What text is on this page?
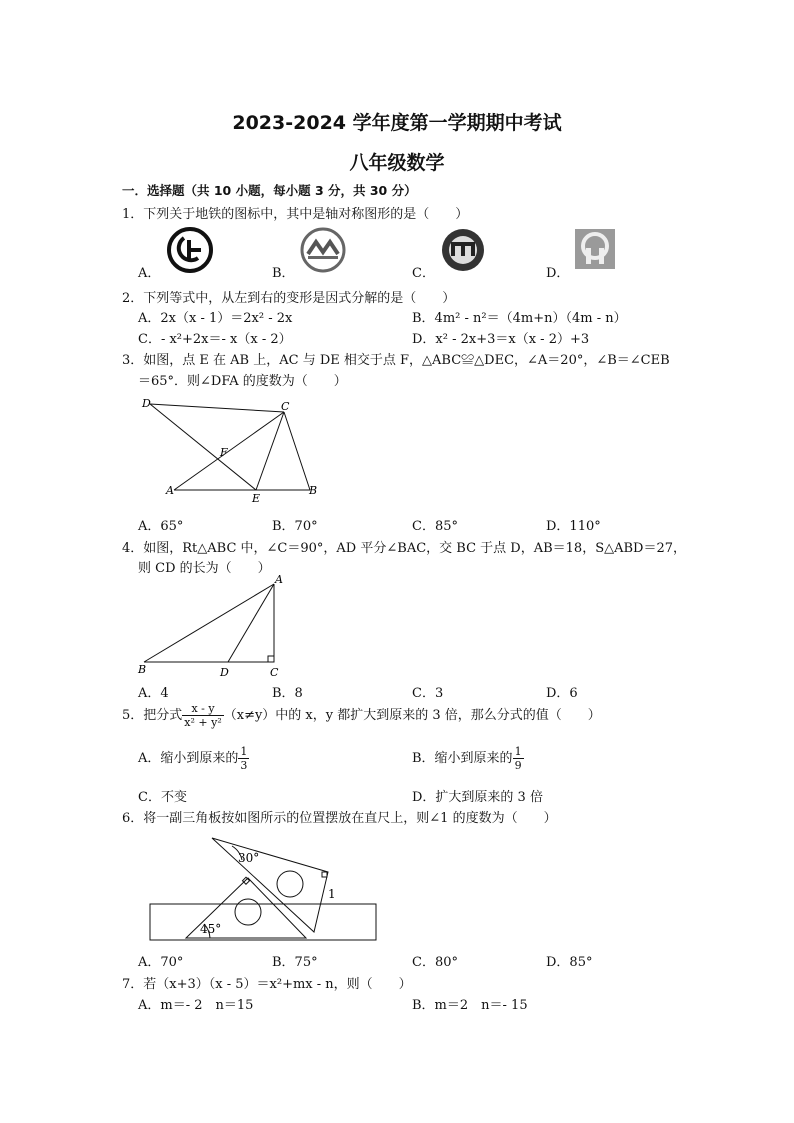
2023-2024 学年度第一学期期中考试
八年级数学
一．选择题（共 10 小题，每小题 3 分，共 30 分）
1．下列关于地铁的图标中，其中是轴对称图形的是（　　）
A．	B．	C．	D．
2．下列等式中，从左到右的变形是因式分解的是（　　）
A．2x（x - 1）＝2x² - 2x	B．4m² - n²＝（4m+n）（4m - n）
C．- x²+2x＝- x（x - 2）	D．x² - 2x+3＝x（x - 2）+3
3．如图，点 E 在 AB 上，AC 与 DE 相交于点 F，△ABC≌△DEC，∠A＝20°，∠B＝∠CEB
＝65°．则∠DFA 的度数为（　　）
D	C
F
A
E
B
A．65°	B．70°	C．85°	D．110°
4．如图，Rt△ABC 中，∠C＝90°，AD 平分∠BAC，交 BC 于点 D，AB＝18，S△ABD＝27，
则 CD 的长为（　　）
A
B	D	C
A．4	B．8	C．3	D．6
5．把分式 $\frac{x - y}{\text{x² + y²}} (x\ne y)$中的 x，y 都扩大到原来的 3 倍，那么分式的值（　　）
A．缩小到原来的 $\frac{1}{3}$	B．缩小到原来的 $\frac{1}{9}$
C．不变	D．扩大到原来的 3 倍
6．将一副三角板按如图所示的位置摆放在直尺上，则∠1 的度数为（　　）
30°
45°
1
A．70°	B．75°	C．80°	D．85°
7．若（x+3）（x - 5）＝x²+mx - n，则（　　）
A．m＝- 2　n＝15	B．m＝2　n＝- 15
